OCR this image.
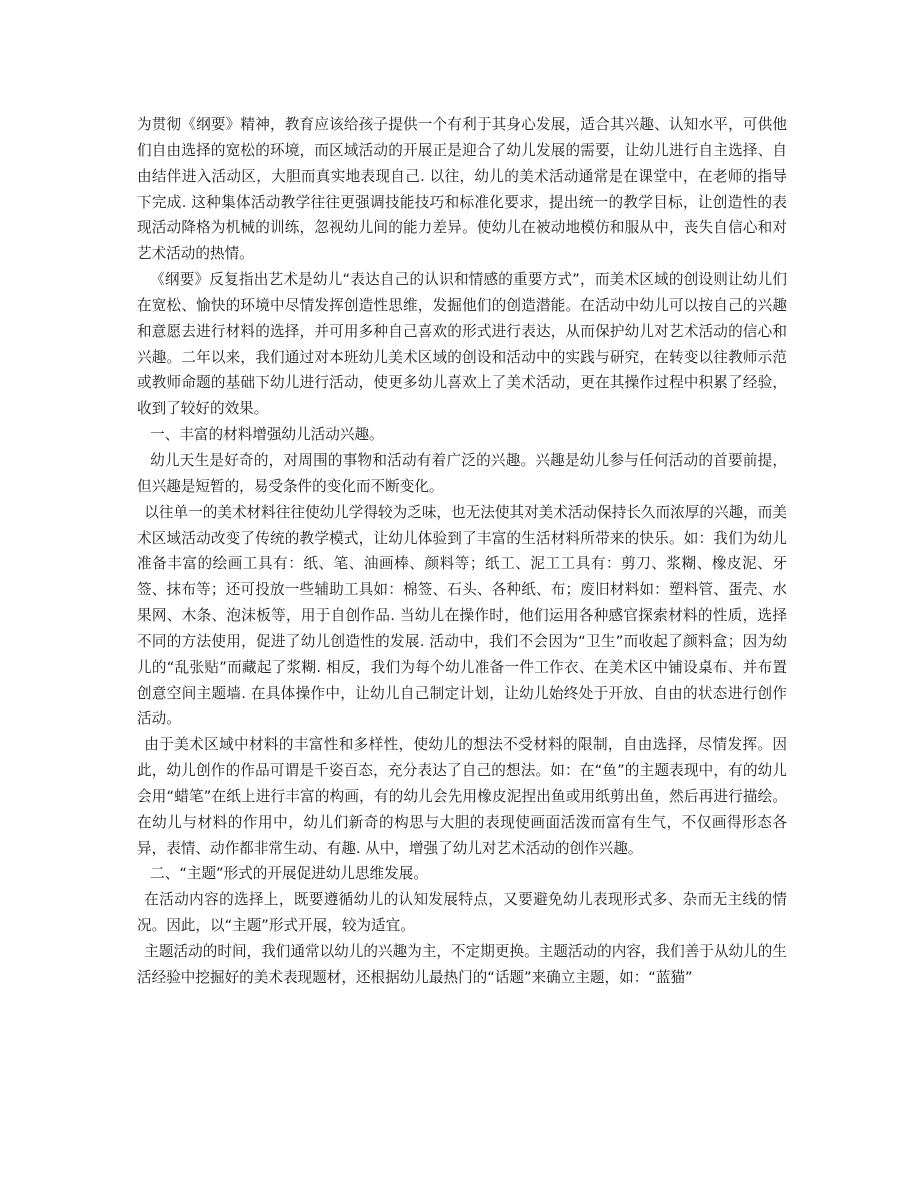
为贯彻《纲要》精神，教育应该给孩子提供一个有利于其身心发展，适合其兴趣、认知水平，可供他们自由选择的宽松的环境，而区域活动的开展正是迎合了幼儿发展的需要，让幼儿进行自主选择、自由结伴进入活动区，大胆而真实地表现自己. 以往，幼儿的美术活动通常是在课堂中，在老师的指导下完成. 这种集体活动教学往往更强调技能技巧和标准化要求，提出统一的教学目标，让创造性的表现活动降格为机械的训练，忽视幼儿间的能力差异。使幼儿在被动地模仿和服从中，丧失自信心和对艺术活动的热情。

《纲要》反复指出艺术是幼儿“表达自己的认识和情感的重要方式”，而美术区域的创设则让幼儿们在宽松、愉快的环境中尽情发挥创造性思维，发掘他们的创造潜能。在活动中幼儿可以按自己的兴趣和意愿去进行材料的选择，并可用多种自己喜欢的形式进行表达，从而保护幼儿对艺术活动的信心和兴趣。二年以来，我们通过对本班幼儿美术区域的创设和活动中的实践与研究，在转变以往教师示范或教师命题的基础下幼儿进行活动，使更多幼儿喜欢上了美术活动，更在其操作过程中积累了经验，收到了较好的效果。

一、丰富的材料增强幼儿活动兴趣。

幼儿天生是好奇的，对周围的事物和活动有着广泛的兴趣。兴趣是幼儿参与任何活动的首要前提，但兴趣是短暂的，易受条件的变化而不断变化。

以往单一的美术材料往往使幼儿学得较为乏味，也无法使其对美术活动保持长久而浓厚的兴趣，而美术区域活动改变了传统的教学模式，让幼儿体验到了丰富的生活材料所带来的快乐。如：我们为幼儿准备丰富的绘画工具有：纸、笔、油画棒、颜料等；纸工、泥工工具有：剪刀、浆糊、橡皮泥、牙签、抹布等；还可投放一些辅助工具如：棉签、石头、各种纸、布；废旧材料如：塑料管、蛋壳、水果网、木条、泡沫板等，用于自创作品. 当幼儿在操作时，他们运用各种感官探索材料的性质，选择不同的方法使用，促进了幼儿创造性的发展. 活动中，我们不会因为“卫生”而收起了颜料盒；因为幼儿的“乱张贴”而藏起了浆糊. 相反，我们为每个幼儿准备一件工作衣、在美术区中铺设桌布、并布置创意空间主题墙. 在具体操作中，让幼儿自己制定计划，让幼儿始终处于开放、自由的状态进行创作活动。

由于美术区域中材料的丰富性和多样性，使幼儿的想法不受材料的限制，自由选择，尽情发挥。因此，幼儿创作的作品可谓是千姿百态，充分表达了自己的想法。如：在“鱼”的主题表现中，有的幼儿会用“蜡笔”在纸上进行丰富的构画，有的幼儿会先用橡皮泥捏出鱼或用纸剪出鱼，然后再进行描绘。在幼儿与材料的作用中，幼儿们新奇的构思与大胆的表现使画面活泼而富有生气，不仅画得形态各异，表情、动作都非常生动、有趣. 从中，增强了幼儿对艺术活动的创作兴趣。

二、“主题”形式的开展促进幼儿思维发展。

在活动内容的选择上，既要遵循幼儿的认知发展特点，又要避免幼儿表现形式多、杂而无主线的情况。因此，以“主题”形式开展，较为适宜。

主题活动的时间，我们通常以幼儿的兴趣为主，不定期更换。主题活动的内容，我们善于从幼儿的生活经验中挖掘好的美术表现题材，还根据幼儿最热门的“话题”来确立主题，如：“蓝猫”
